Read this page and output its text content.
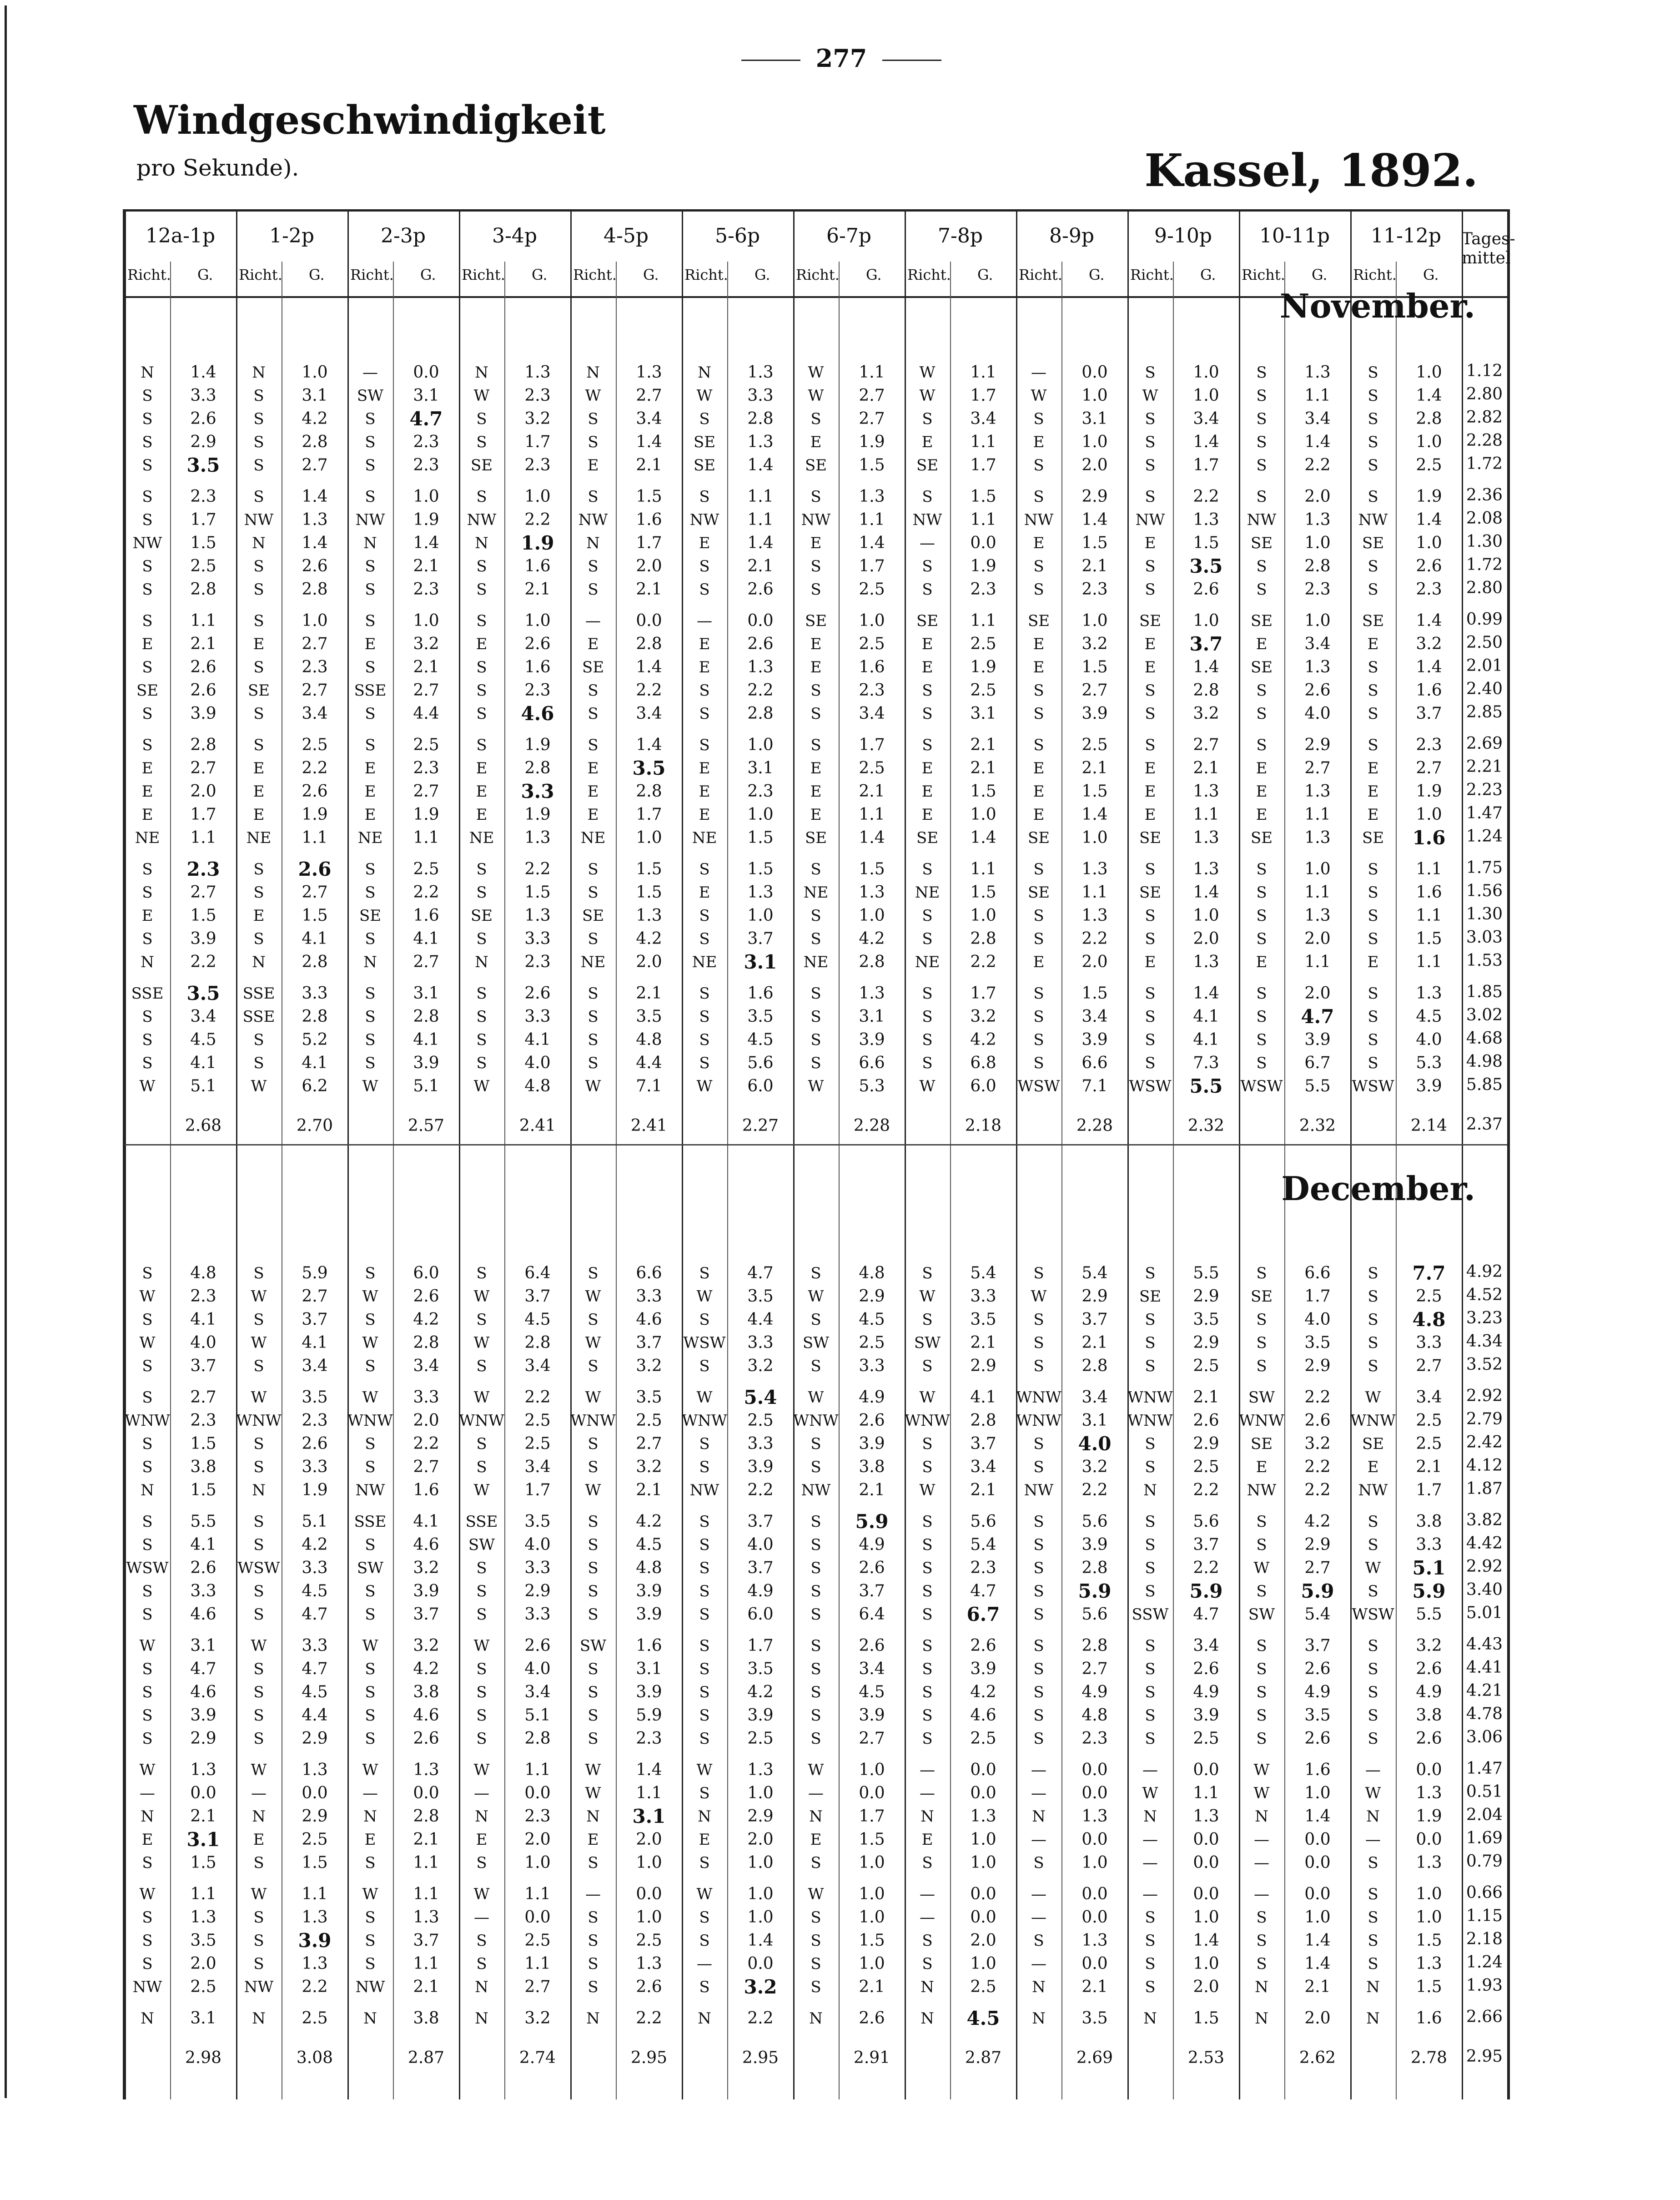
277
Windgeschwindigkeit
pro Sekunde).	Kassel, 1892.
12a-1p
Richt. G.
1-2p
Richt. G.
2-3p
Richt. G.
3-4p
Richt. G.
4-5p
Richt. G.
5-6p
Richt. G.
6-7p
Richt. G.
7-8p
Richt. G.
8-9p
Richt. G.
9-10p
Richt. G.
10-11p
Richt. G.
11-12p
Richt. G.
Tages-mittel
N	1.4	N	1.0	—	0.0	N	1.3	N	1.3	N	1.3	W	1.1	W	1.1	—	0.0	S	1.0	S	1.3	S	1.0	1.12
S	3.3	S	3.1	SW	3.1	W	2.3	W	2.7	W	3.3	W	2.7	W	1.7	W	1.0	W	1.0	S	1.1	S	1.4	2.80
S	2.6	S	4.2	S	4.7	S	3.2	S	3.4	S	2.8	S	2.7	S	3.4	S	3.1	S	3.4	S	3.4	S	2.8	2.82
S	2.9	S	2.8	S	2.3	S	1.7	S	1.4	SE	1.3	E	1.9	E	1.1	E	1.0	S	1.4	S	1.4	S	1.0	2.28
S	3.5	S	2.7	S	2.3	SE	2.3	E	2.1	SE	1.4	SE	1.5	SE	1.7	S	2.0	S	1.7	S	2.2	S	2.5	1.72
S	2.3	S	1.4	S	1.0	S	1.0	S	1.5	S	1.1	S	1.3	S	1.5	S	2.9	S	2.2	S	2.0	S	1.9	2.36
S	1.7	NW	1.3	NW	1.9	NW	2.2	NW	1.6	NW	1.1	NW	1.1	NW	1.1	NW	1.4	NW	1.3	NW	1.3	NW	1.4	2.08
NW	1.5	N	1.4	N	1.4	N	1.9	N	1.7	E	1.4	E	1.4	—	0.0	E	1.5	E	1.5	SE	1.0	SE	1.0	1.30
S	2.5	S	2.6	S	2.1	S	1.6	S	2.0	S	2.1	S	1.7	S	1.9	S	2.1	S	3.5	S	2.8	S	2.6	1.72
S	2.8	S	2.8	S	2.3	S	2.1	S	2.1	S	2.6	S	2.5	S	2.3	S	2.3	S	2.6	S	2.3	S	2.3	2.80
S	1.1	S	1.0	S	1.0	S	1.0	—	0.0	—	0.0	SE	1.0	SE	1.1	SE	1.0	SE	1.0	SE	1.0	SE	1.4	0.99
E	2.1	E	2.7	E	3.2	E	2.6	E	2.8	E	2.6	E	2.5	E	2.5	E	3.2	E	3.7	E	3.4	E	3.2	2.50
S	2.6	S	2.3	S	2.1	S	1.6	SE	1.4	E	1.3	E	1.6	E	1.9	E	1.5	E	1.4	SE	1.3	S	1.4	2.01
SE	2.6	SE	2.7	SSE	2.7	S	2.3	S	2.2	S	2.2	S	2.3	S	2.5	S	2.7	S	2.8	S	2.6	S	1.6	2.40
S	3.9	S	3.4	S	4.4	S	4.6	S	3.4	S	2.8	S	3.4	S	3.1	S	3.9	S	3.2	S	4.0	S	3.7	2.85
S	2.8	S	2.5	S	2.5	S	1.9	S	1.4	S	1.0	S	1.7	S	2.1	S	2.5	S	2.7	S	2.9	S	2.3	2.69
E	2.7	E	2.2	E	2.3	E	2.8	E	3.5	E	3.1	E	2.5	E	2.1	E	2.1	E	2.1	E	2.7	E	2.7	2.21
E	2.0	E	2.6	E	2.7	E	3.3	E	2.8	E	2.3	E	2.1	E	1.5	E	1.5	E	1.3	E	1.3	E	1.9	2.23
E	1.7	E	1.9	E	1.9	E	1.9	E	1.7	E	1.0	E	1.1	E	1.0	E	1.4	E	1.1	E	1.1	E	1.0	1.47
NE	1.1	NE	1.1	NE	1.1	NE	1.3	NE	1.0	NE	1.5	SE	1.4	SE	1.4	SE	1.0	SE	1.3	SE	1.3	SE	1.6	1.24
S	2.3	S	2.6	S	2.5	S	2.2	S	1.5	S	1.5	S	1.5	S	1.1	S	1.3	S	1.3	S	1.0	S	1.1	1.75
S	2.7	S	2.7	S	2.2	S	1.5	S	1.5	E	1.3	NE	1.3	NE	1.5	SE	1.1	SE	1.4	S	1.1	S	1.6	1.56
E	1.5	E	1.5	SE	1.6	SE	1.3	SE	1.3	S	1.0	S	1.0	S	1.0	S	1.3	S	1.0	S	1.3	S	1.1	1.30
S	3.9	S	4.1	S	4.1	S	3.3	S	4.2	S	3.7	S	4.2	S	2.8	S	2.2	S	2.0	S	2.0	S	1.5	3.03
N	2.2	N	2.8	N	2.7	N	2.3	NE	2.0	NE	3.1	NE	2.8	NE	2.2	E	2.0	E	1.3	E	1.1	E	1.1	1.53
SSE	3.5	SSE	3.3	S	3.1	S	2.6	S	2.1	S	1.6	S	1.3	S	1.7	S	1.5	S	1.4	S	2.0	S	1.3	1.85
S	3.4	SSE	2.8	S	2.8	S	3.3	S	3.5	S	3.5	S	3.1	S	3.2	S	3.4	S	4.1	S	4.7	S	4.5	3.02
S	4.5	S	5.2	S	4.1	S	4.1	S	4.8	S	4.5	S	3.9	S	4.2	S	3.9	S	4.1	S	3.9	S	4.0	4.68
S	4.1	S	4.1	S	3.9	S	4.0	S	4.4	S	5.6	S	6.6	S	6.8	S	6.6	S	7.3	S	6.7	S	5.3	4.98
W	5.1	W	6.2	W	5.1	W	4.8	W	7.1	W	6.0	W	5.3	W	6.0	WSW	7.1	WSW 5.5	WSW	5.5	WSW	3.9	5.85
2.68	2.70	2.57	2.41	2.41	2.27	2.28	2.18	2.28	2.32	2.32	2.14	2.37
S	4.8	S	5.9	S	6.0	S	6.4	S	6.6	S	4.7	S	4.8	S	5.4	S	5.4	S	5.5	S	6.6	S	7.7	4.92
W	2.3	W	2.7	W	2.6	W	3.7	W	3.3	W	3.5	W	2.9	W	3.3	W	2.9	SE	2.9	SE	1.7	S	2.5	4.52
S	4.1	S	3.7	S	4.2	S	4.5	S	4.6	S	4.4	S	4.5	S	3.5	S	3.7	S	3.5	S	4.0	S	4.8	3.23
W	4.0	W	4.1	W	2.8	W	2.8	W	3.7	WSW	3.3	SW	2.5	SW	2.1	S	2.1	S	2.9	S	3.5	S	3.3	4.34
S	3.7	S	3.4	S	3.4	S	3.4	S	3.2	S	3.2	S	3.3	S	2.9	S	2.8	S	2.5	S	2.9	S	2.7	3.52
S	2.7	W	3.5	W	3.3	W	2.2	W	3.5	W	5.4	W	4.9	W	4.1	WNW	3.4	WNW	2.1	SW	2.2	W	3.4	2.92
WNW	2.3	WNW	2.3	WNW	2.0	WNW	2.5	WNW	2.5	WNW	2.5	WNW	2.6	WNW	2.8	WNW	3.1	WNW	2.6	WNW	2.6	WNW	2.5	2.79
S	1.5	S	2.6	S	2.2	S	2.5	S	2.7	S	3.3	S	3.9	S	3.7	S	4.0	S	2.9	SE	3.2	SE	2.5	2.42
S	3.8	S	3.3	S	2.7	S	3.4	S	3.2	S	3.9	S	3.8	S	3.4	S	3.2	S	2.5	E	2.2	E	2.1	4.12
N	1.5	N	1.9	NW	1.6	W	1.7	W	2.1	NW	2.2	NW	2.1	W	2.1	NW	2.2	N	2.2	NW	2.2	NW	1.7	1.87
S	5.5	S	5.1	SSE	4.1	SSE	3.5	S	4.2	S	3.7	S	5.9	S	5.6	S	5.6	S	5.6	S	4.2	S	3.8	3.82
S	4.1	S	4.2	S	4.6	SW	4.0	S	4.5	S	4.0	S	4.9	S	5.4	S	3.9	S	3.7	S	2.9	S	3.3	4.42
WSW	2.6	WSW	3.3	SW	3.2	S	3.3	S	4.8	S	3.7	S	2.6	S	2.3	S	2.8	S	2.2	W	2.7	W	5.1	2.92
S	3.3	S	4.5	S	3.9	S	2.9	S	3.9	S	4.9	S	3.7	S	4.7	S	5.9	S	5.9	S	5.9	S	5.9	3.40
S	4.6	S	4.7	S	3.7	S	3.3	S	3.9	S	6.0	S	6.4	S	6.7	S	5.6	SSW	4.7	SW	5.4	WSW	5.5	5.01
W	3.1	W	3.3	W	3.2	W	2.6	SW	1.6	S	1.7	S	2.6	S	2.6	S	2.8	S	3.4	S	3.7	S	3.2	4.43
S	4.7	S	4.7	S	4.2	S	4.0	S	3.1	S	3.5	S	3.4	S	3.9	S	2.7	S	2.6	S	2.6	S	2.6	4.41
S	4.6	S	4.5	S	3.8	S	3.4	S	3.9	S	4.2	S	4.5	S	4.2	S	4.9	S	4.9	S	4.9	S	4.9	4.21
S	3.9	S	4.4	S	4.6	S	5.1	S	5.9	S	3.9	S	3.9	S	4.6	S	4.8	S	3.9	S	3.5	S	3.8	4.78
S	2.9	S	2.9	S	2.6	S	2.8	S	2.3	S	2.5	S	2.7	S	2.5	S	2.3	S	2.5	S	2.6	S	2.6	3.06
W	1.3	W	1.3	W	1.3	W	1.1	W	1.4	W	1.3	W	1.0	—	0.0	—	0.0	—	0.0	W	1.6	—	0.0	1.47
—	0.0	—	0.0	—	0.0	—	0.0	W	1.1	S	1.0	—	0.0	—	0.0	—	0.0	W	1.1	W	1.0	W	1.3	0.51
N	2.1	N	2.9	N	2.8	N	2.3	N	3.1	N	2.9	N	1.7	N	1.3	N	1.3	N	1.3	N	1.4	N	1.9	2.04
E	3.1	E	2.5	E	2.1	E	2.0	E	2.0	E	2.0	E	1.5	E	1.0	—	0.0	—	0.0	—	0.0	—	0.0	1.69
S	1.5	S	1.5	S	1.1	S	1.0	S	1.0	S	1.0	S	1.0	S	1.0	S	1.0	—	0.0	—	0.0	S	1.3	0.79
W	1.1	W	1.1	W	1.1	W	1.1	—	0.0	W	1.0	W	1.0	—	0.0	—	0.0	—	0.0	—	0.0	S	1.0	0.66
S	1.3	S	1.3	S	1.3	—	0.0	S	1.0	S	1.0	S	1.0	—	0.0	—	0.0	S	1.0	S	1.0	S	1.0	1.15
S	3.5	S	3.9	S	3.7	S	2.5	S	2.5	S	1.4	S	1.5	S	2.0	S	1.3	S	1.4	S	1.4	S	1.5	2.18
S	2.0	S	1.3	S	1.1	S	1.1	S	1.3	—	0.0	S	1.0	S	1.0	—	0.0	S	1.0	S	1.4	S	1.3	1.24
NW	2.5	NW	2.2	NW	2.1	N	2.7	S	2.6	S	3.2	S	2.1	N	2.5	N	2.1	S	2.0	N	2.1	N	1.5	1.93
N	3.1	N	2.5	N	3.8	N	3.2	N	2.2	N	2.2	N	2.6	N	4.5	N	3.5	N	1.5	N	2.0	N	1.6	2.66
2.98	3.08	2.87	2.74	2.95	2.95	2.91	2.87	2.69	2.53	2.62	2.78	2.95
November.
December.
